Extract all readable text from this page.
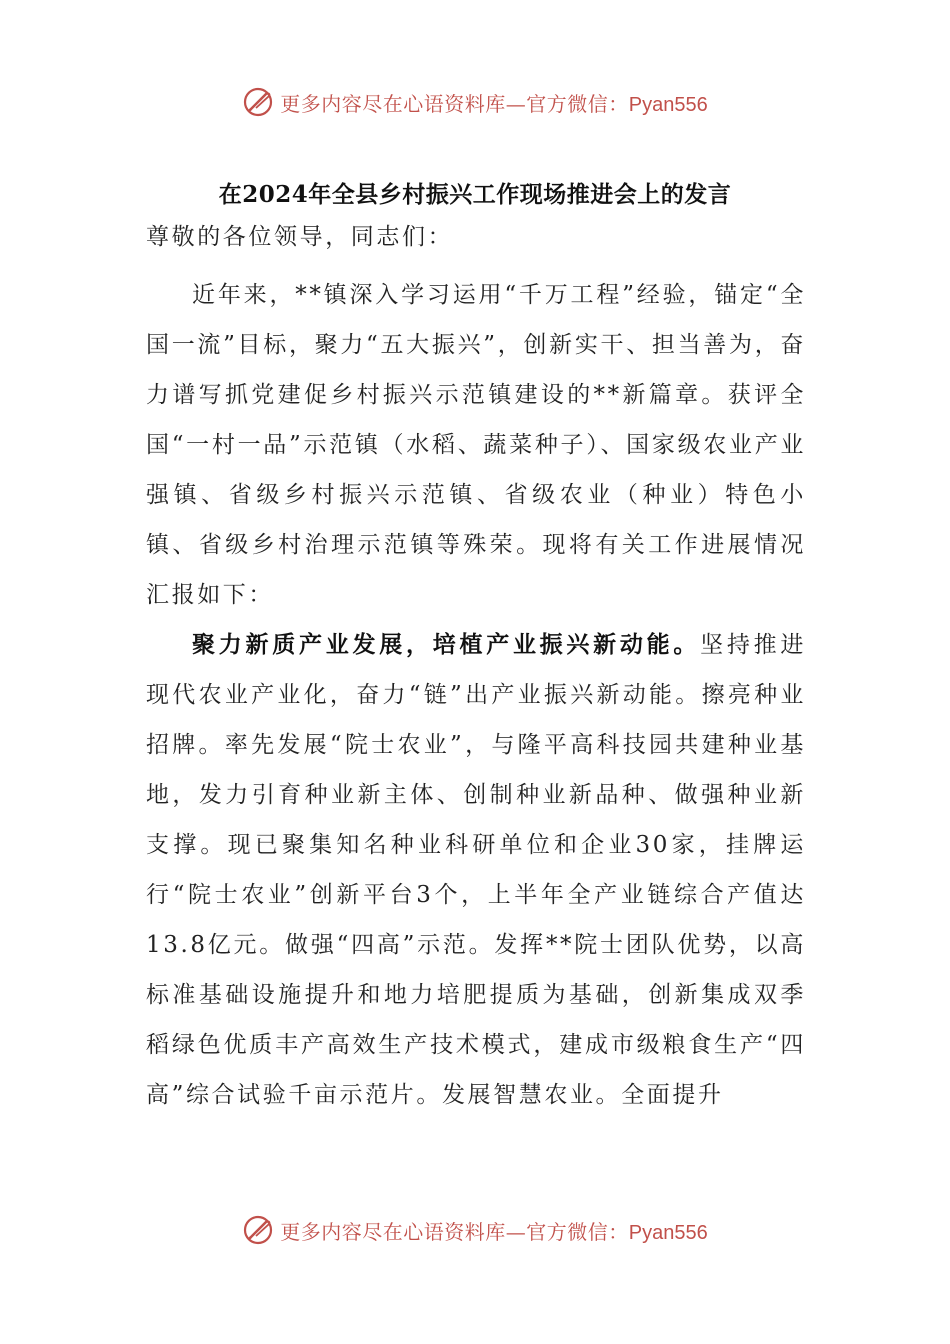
更多内容尽在心语资料库—官方微信：Pyan556
在2024年全县乡村振兴工作现场推进会上的发言

尊敬的各位领导，同志们：

近年来，**镇深入学习运用“千万工程”经验，锚定“全国一流”目标，聚力“五大振兴”，创新实干、担当善为，奋力谱写抓党建促乡村振兴示范镇建设的**新篇章。获评全国“一村一品”示范镇（水稻、蔬菜种子）、国家级农业产业强镇、省级乡村振兴示范镇、省级农业（种业）特色小镇、省级乡村治理示范镇等殊荣。现将有关工作进展情况汇报如下：

聚力新质产业发展，培植产业振兴新动能。坚持推进现代农业产业化，奋力“链”出产业振兴新动能。擦亮种业招牌。率先发展“院士农业”，与隆平高科技园共建种业基地，发力引育种业新主体、创制种业新品种、做强种业新支撑。现已聚集知名种业科研单位和企业30家，挂牌运行“院士农业”创新平台3个，上半年全产业链综合产值达13.8亿元。做强“四高”示范。发挥**院士团队优势，以高标准基础设施提升和地力培肥提质为基础，创新集成双季稻绿色优质丰产高效生产技术模式，建成市级粮食生产“四高”综合试验千亩示范片。发展智慧农业。全面提升

更多内容尽在心语资料库—官方微信：Pyan556
